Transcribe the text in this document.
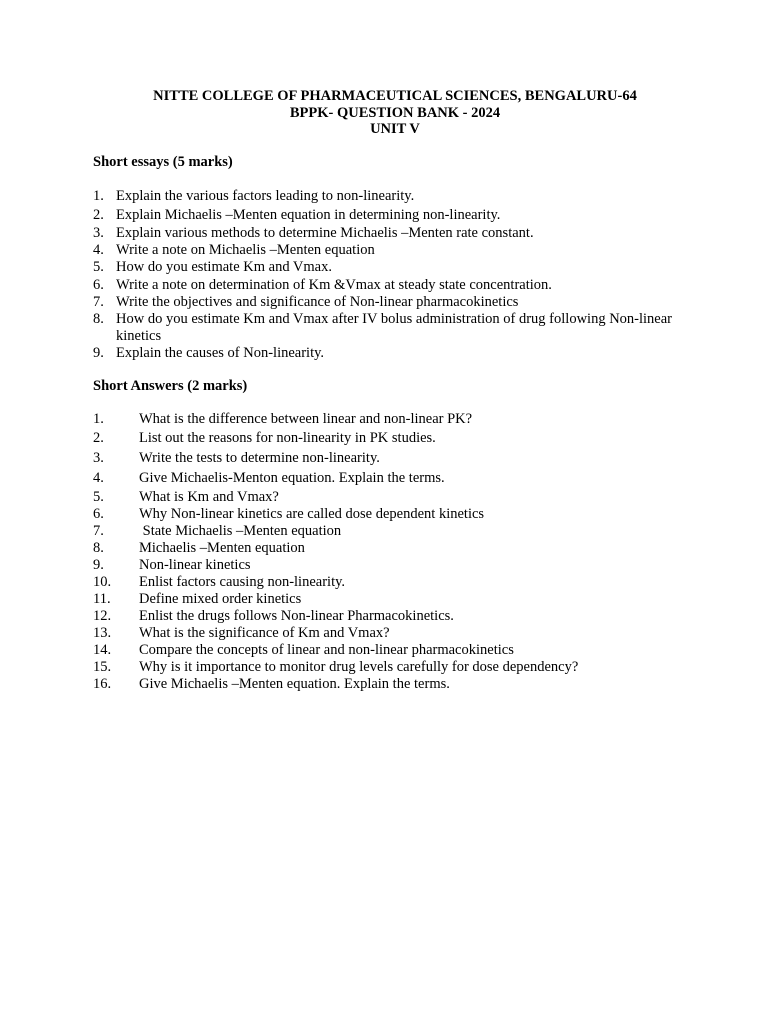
NITTE COLLEGE OF PHARMACEUTICAL SCIENCES, BENGALURU-64
BPPK- QUESTION BANK - 2024
UNIT V
Short essays (5 marks)
1. Explain the various factors leading to non-linearity.
2. Explain Michaelis –Menten equation in determining non-linearity.
3. Explain various methods to determine Michaelis –Menten rate constant.
4. Write a note on Michaelis –Menten equation
5. How do you estimate Km and Vmax.
6. Write a note on determination of Km &Vmax at steady state concentration.
7. Write the objectives and significance of Non-linear pharmacokinetics
8. How do you estimate Km and Vmax after IV bolus administration of drug following Non-linear kinetics
9. Explain the causes of Non-linearity.
Short Answers (2 marks)
1.	What is the difference between linear and non-linear PK?
2.	List out the reasons for non-linearity in PK studies.
3.	Write the tests to determine non-linearity.
4.	Give Michaelis-Menton equation. Explain the terms.
5.	What is Km and Vmax?
6.	Why Non-linear kinetics are called dose dependent kinetics
7.	State Michaelis –Menten equation
8.	Michaelis –Menten equation
9.	Non-linear kinetics
10.	Enlist factors causing non-linearity.
11.	Define mixed order kinetics
12.	Enlist the drugs follows Non-linear Pharmacokinetics.
13.	What is the significance of Km and Vmax?
14.	Compare the concepts of linear and non-linear pharmacokinetics
15.	Why is it importance to monitor drug levels carefully for dose dependency?
16.	Give Michaelis –Menten equation. Explain the terms.
